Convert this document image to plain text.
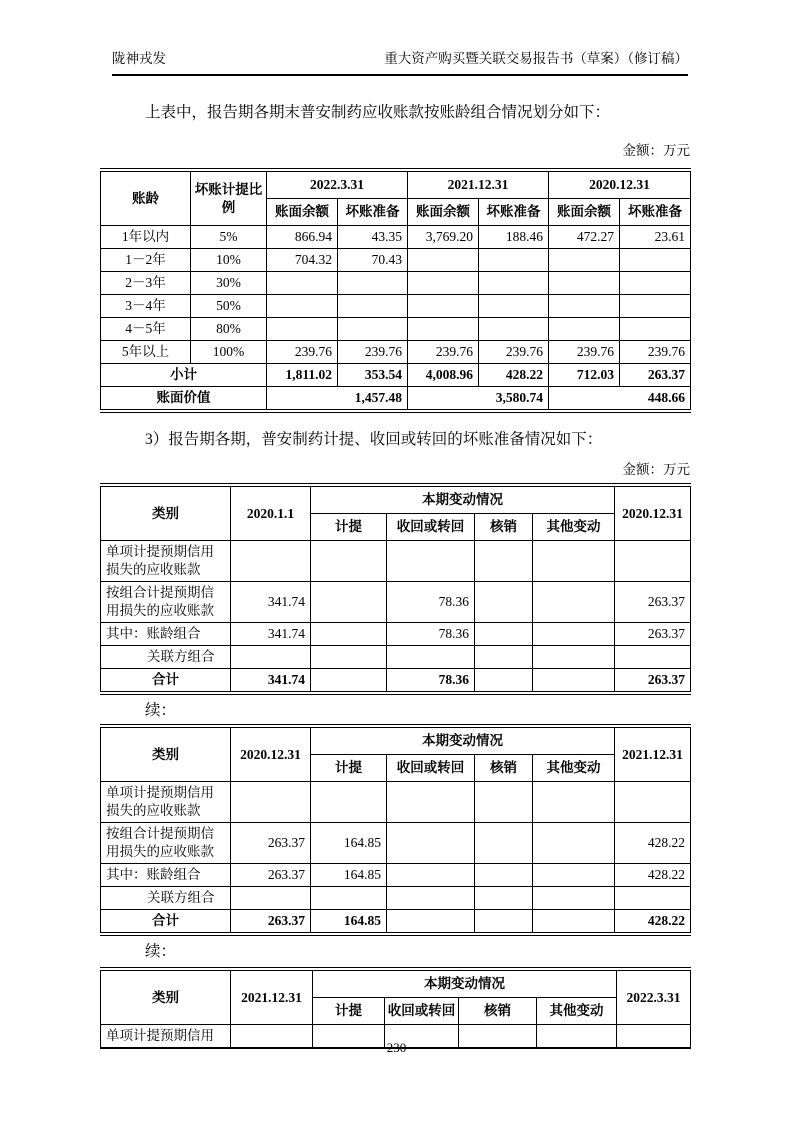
陇神戎发	重大资产购买暨关联交易报告书（草案）（修订稿）

上表中，报告期各期末普安制药应收账款按账龄组合情况划分如下：

金额：万元
账龄	坏账计提比例	2022.3.31		2021.12.31		2020.12.31	
		账面余额	坏账准备	账面余额	坏账准备	账面余额	坏账准备
1年以内	5%	866.94	43.35	3,769.20	188.46	472.27	23.61
1－2年	10%	704.32	70.43				
2－3年	30%						
3－4年	50%						
4－5年	80%						
5年以上	100%	239.76	239.76	239.76	239.76	239.76	239.76
小计		1,811.02	353.54	4,008.96	428.22	712.03	263.37
账面价值		1,457.48		3,580.74		448.66	

3）报告期各期，普安制药计提、收回或转回的坏账准备情况如下：

金额：万元
类别	2020.1.1	本期变动情况				2020.12.31
		计提	收回或转回	核销	其他变动	
单项计提预期信用损失的应收账款						
按组合计提预期信用损失的应收账款	341.74		78.36			263.37
其中：账龄组合	341.74		78.36			263.37
关联方组合						
合计	341.74		78.36			263.37
续：
类别	2020.12.31	本期变动情况				2021.12.31
		计提	收回或转回	核销	其他变动	
单项计提预期信用损失的应收账款						
按组合计提预期信用损失的应收账款	263.37	164.85				428.22
其中：账龄组合	263.37	164.85				428.22
关联方组合						
合计	263.37	164.85				428.22
续：
类别	2021.12.31	本期变动情况				2022.3.31
		计提	收回或转回	核销	其他变动	
单项计提预期信用						
230
